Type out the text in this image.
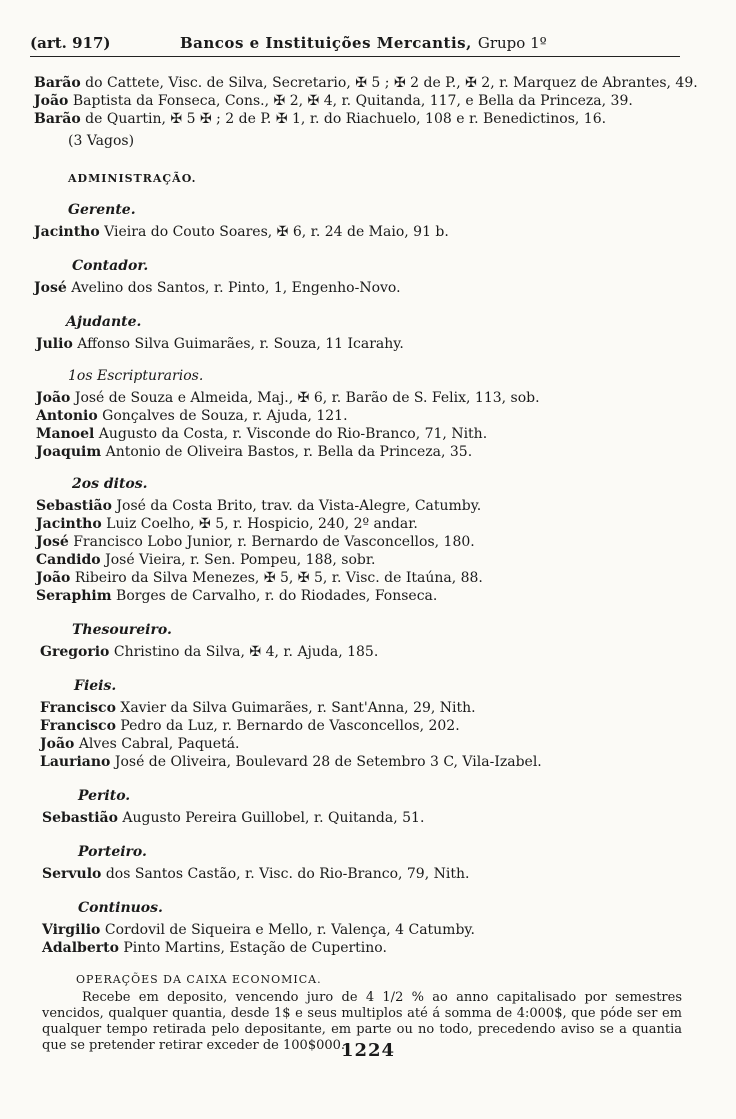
(art. 917)	Bancos e Instituições Mercantis, Grupo 1º
Barão do Cattete, Visc. de Silva, Secretario, ✠ 5 ; ✠ 2 de P., ✠ 2, r. Marquez de Abrantes, 49.
João Baptista da Fonseca, Cons., ✠ 2, ✠ 4, r. Quitanda, 117, e Bella da Princeza, 39.
Barão de Quartin, ✠ 5 ✠ ; 2 de P. ✠ 1, r. do Riachuelo, 108 e r. Benedictinos, 16.
(3 Vagos)
ADMINISTRAÇÃO.
Gerente.
Jacintho Vieira do Couto Soares, ✠ 6, r. 24 de Maio, 91 b.
Contador.
José Avelino dos Santos, r. Pinto, 1, Engenho-Novo.
Ajudante.
Julio Affonso Silva Guimarães, r. Souza, 11 Icarahy.
1os Escripturarios.
João José de Souza e Almeida, Maj., ✠ 6, r. Barão de S. Felix, 113, sob.
Antonio Gonçalves de Souza, r. Ajuda, 121.
Manoel Augusto da Costa, r. Visconde do Rio-Branco, 71, Nith.
Joaquim Antonio de Oliveira Bastos, r. Bella da Princeza, 35.
2os ditos.
Sebastião José da Costa Brito, trav. da Vista-Alegre, Catumby.
Jacintho Luiz Coelho, ✠ 5, r. Hospicio, 240, 2º andar.
José Francisco Lobo Junior, r. Bernardo de Vasconcellos, 180.
Candido José Vieira, r. Sen. Pompeu, 188, sobr.
João Ribeiro da Silva Menezes, ✠ 5, ✠ 5, r. Visc. de Itaúna, 88.
Seraphim Borges de Carvalho, r. do Riodades, Fonseca.
Thesoureiro.
Gregorio Christino da Silva, ✠ 4, r. Ajuda, 185.
Fieis.
Francisco Xavier da Silva Guimarães, r. Sant'Anna, 29, Nith.
Francisco Pedro da Luz, r. Bernardo de Vasconcellos, 202.
João Alves Cabral, Paquetá.
Lauriano José de Oliveira, Boulevard 28 de Setembro 3 C, Vila-Izabel.
Perito.
Sebastião Augusto Pereira Guillobel, r. Quitanda, 51.
Porteiro.
Servulo dos Santos Castão, r. Visc. do Rio-Branco, 79, Nith.
Continuos.
Virgilio Cordovil de Siqueira e Mello, r. Valença, 4 Catumby.
Adalberto Pinto Martins, Estação de Cupertino.
OPERAÇÕES DA CAIXA ECONOMICA.
Recebe em deposito, vencendo juro de 4 1/2 % ao anno capitalisado por semestres vencidos, qualquer quantia, desde 1$ e seus multiplos até á somma de 4:000$, que póde ser em qualquer tempo retirada pelo depositante, em parte ou no todo, precedendo aviso se a quantia que se pretender retirar exceder de 100$000.
1224
